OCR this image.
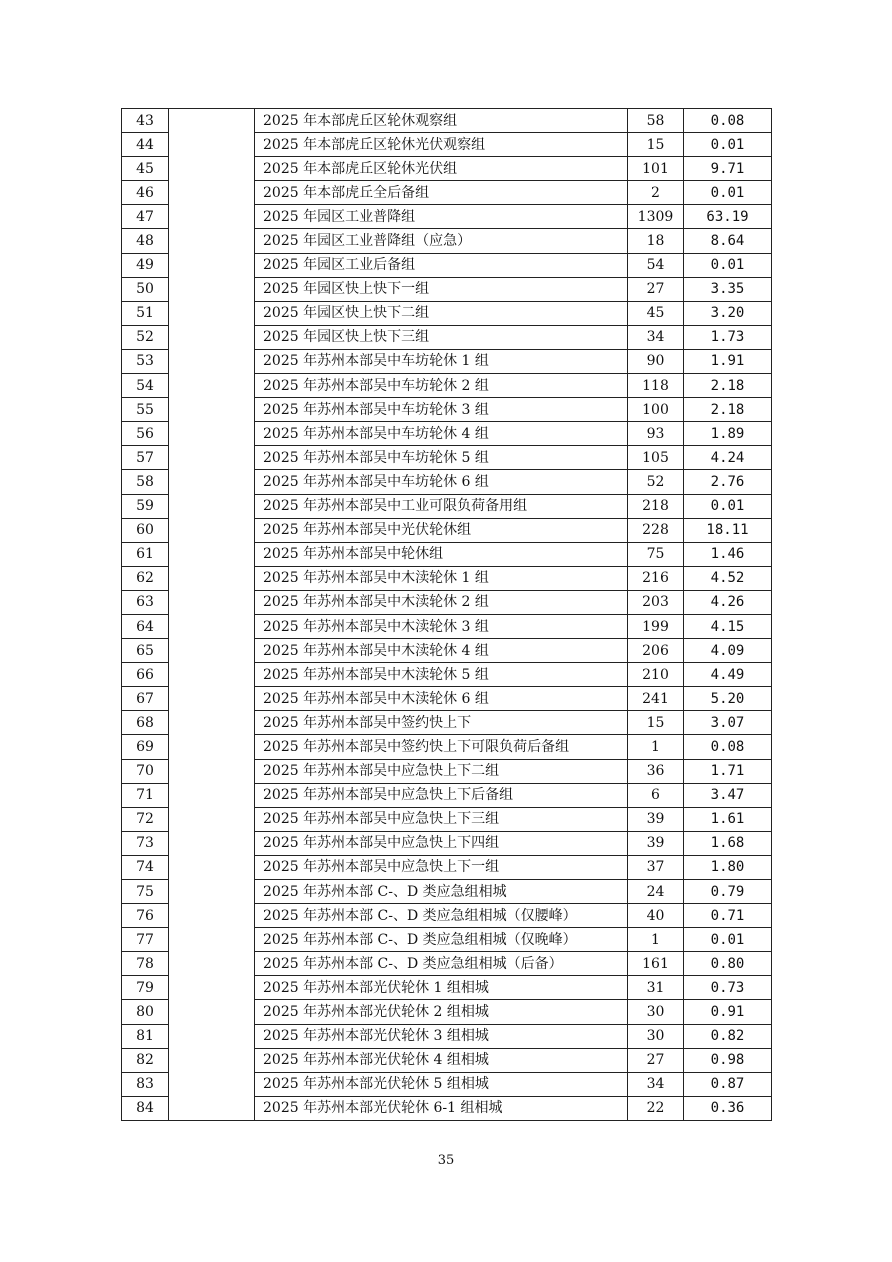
43		2025 年本部虎丘区轮休观察组	58	0.08
44		2025 年本部虎丘区轮休光伏观察组	15	0.01
45		2025 年本部虎丘区轮休光伏组	101	9.71
46		2025 年本部虎丘全后备组	2	0.01
47		2025 年园区工业普降组	1309	63.19
48		2025 年园区工业普降组（应急）	18	8.64
49		2025 年园区工业后备组	54	0.01
50		2025 年园区快上快下一组	27	3.35
51		2025 年园区快上快下二组	45	3.20
52		2025 年园区快上快下三组	34	1.73
53		2025 年苏州本部吴中车坊轮休 1 组	90	1.91
54		2025 年苏州本部吴中车坊轮休 2 组	118	2.18
55		2025 年苏州本部吴中车坊轮休 3 组	100	2.18
56		2025 年苏州本部吴中车坊轮休 4 组	93	1.89
57		2025 年苏州本部吴中车坊轮休 5 组	105	4.24
58		2025 年苏州本部吴中车坊轮休 6 组	52	2.76
59		2025 年苏州本部吴中工业可限负荷备用组	218	0.01
60		2025 年苏州本部吴中光伏轮休组	228	18.11
61		2025 年苏州本部吴中轮休组	75	1.46
62		2025 年苏州本部吴中木渎轮休 1 组	216	4.52
63		2025 年苏州本部吴中木渎轮休 2 组	203	4.26
64		2025 年苏州本部吴中木渎轮休 3 组	199	4.15
65		2025 年苏州本部吴中木渎轮休 4 组	206	4.09
66		2025 年苏州本部吴中木渎轮休 5 组	210	4.49
67		2025 年苏州本部吴中木渎轮休 6 组	241	5.20
68		2025 年苏州本部吴中签约快上下	15	3.07
69		2025 年苏州本部吴中签约快上下可限负荷后备组	1	0.08
70		2025 年苏州本部吴中应急快上下二组	36	1.71
71		2025 年苏州本部吴中应急快上下后备组	6	3.47
72		2025 年苏州本部吴中应急快上下三组	39	1.61
73		2025 年苏州本部吴中应急快上下四组	39	1.68
74		2025 年苏州本部吴中应急快上下一组	37	1.80
75		2025 年苏州本部 C-、D 类应急组相城	24	0.79
76		2025 年苏州本部 C-、D 类应急组相城（仅腰峰）	40	0.71
77		2025 年苏州本部 C-、D 类应急组相城（仅晚峰）	1	0.01
78		2025 年苏州本部 C-、D 类应急组相城（后备）	161	0.80
79		2025 年苏州本部光伏轮休 1 组相城	31	0.73
80		2025 年苏州本部光伏轮休 2 组相城	30	0.91
81		2025 年苏州本部光伏轮休 3 组相城	30	0.82
82		2025 年苏州本部光伏轮休 4 组相城	27	0.98
83		2025 年苏州本部光伏轮休 5 组相城	34	0.87
84		2025 年苏州本部光伏轮休 6-1 组相城	22	0.36
35
